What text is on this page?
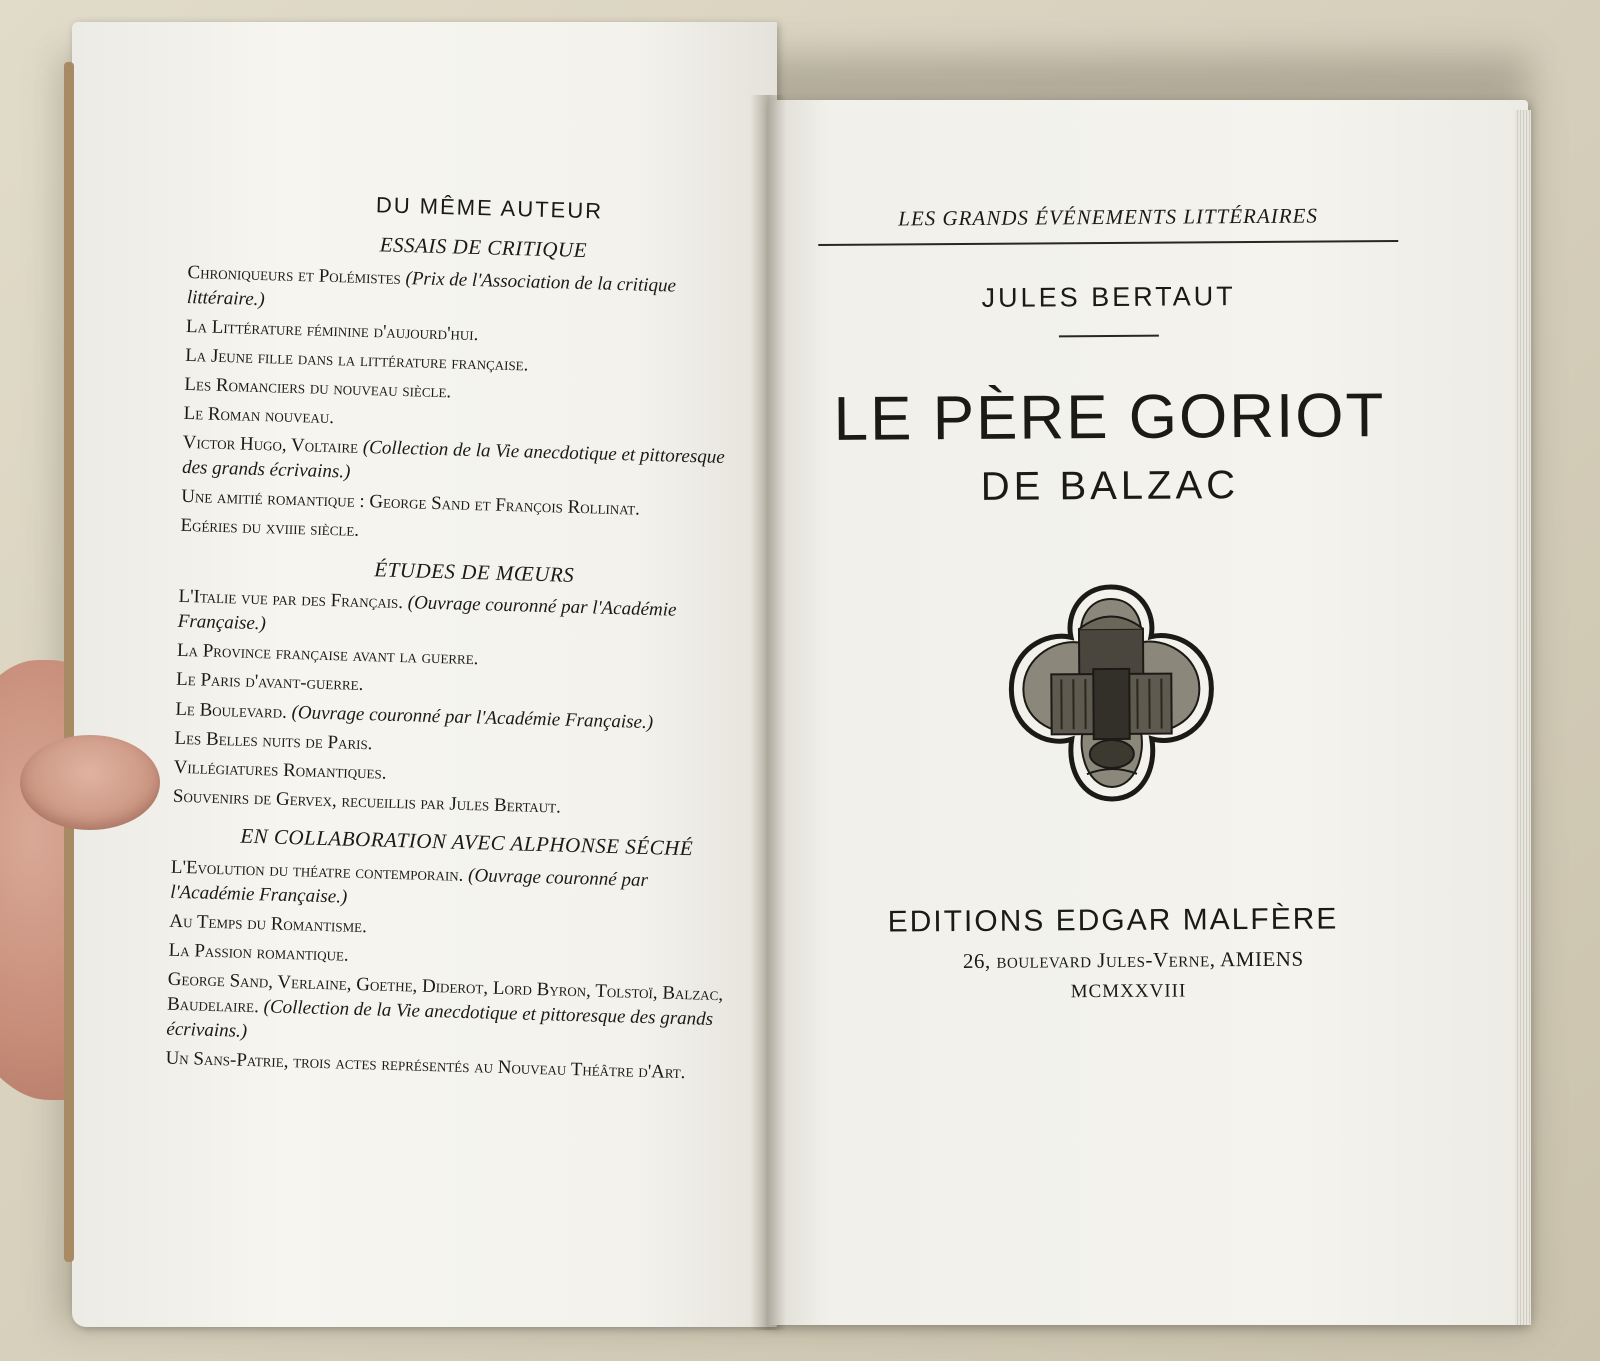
DU MÊME AUTEUR
ESSAIS DE CRITIQUE
Chroniqueurs et Polémistes (Prix de l'Association de la critique littéraire.)
La Littérature féminine d'aujourd'hui.
La Jeune fille dans la littérature française.
Les Romanciers du nouveau siècle.
Le Roman nouveau.
Victor Hugo, Voltaire (Collection de la Vie anecdotique et pittoresque des grands écrivains.)
Une amitié romantique : George Sand et François Rollinat.
Egéries du xviiie siècle.
ÉTUDES DE MŒURS
L'Italie vue par des Français. (Ouvrage couronné par l'Académie Française.)
La Province française avant la guerre.
Le Paris d'avant-guerre.
Le Boulevard. (Ouvrage couronné par l'Académie Française.)
Les Belles nuits de Paris.
Villégiatures Romantiques.
Souvenirs de Gervex, recueillis par Jules Bertaut.
EN COLLABORATION AVEC ALPHONSE SÉCHÉ
L'Evolution du théatre contemporain. (Ouvrage couronné par l'Académie Française.)
Au Temps du Romantisme.
La Passion romantique.
George Sand, Verlaine, Goethe, Diderot, Lord Byron, Tolstoï, Balzac, Baudelaire. (Collection de la Vie anecdotique et pittoresque des grands écrivains.)
Un Sans-Patrie, trois actes représentés au Nouveau Théâtre d'Art.
LES GRANDS ÉVÉNEMENTS LITTÉRAIRES
JULES BERTAUT
LE PÈRE GORIOT
DE BALZAC
EDITIONS EDGAR MALFÈRE
26, boulevard Jules-Verne, AMIENS
MCMXXVIII
